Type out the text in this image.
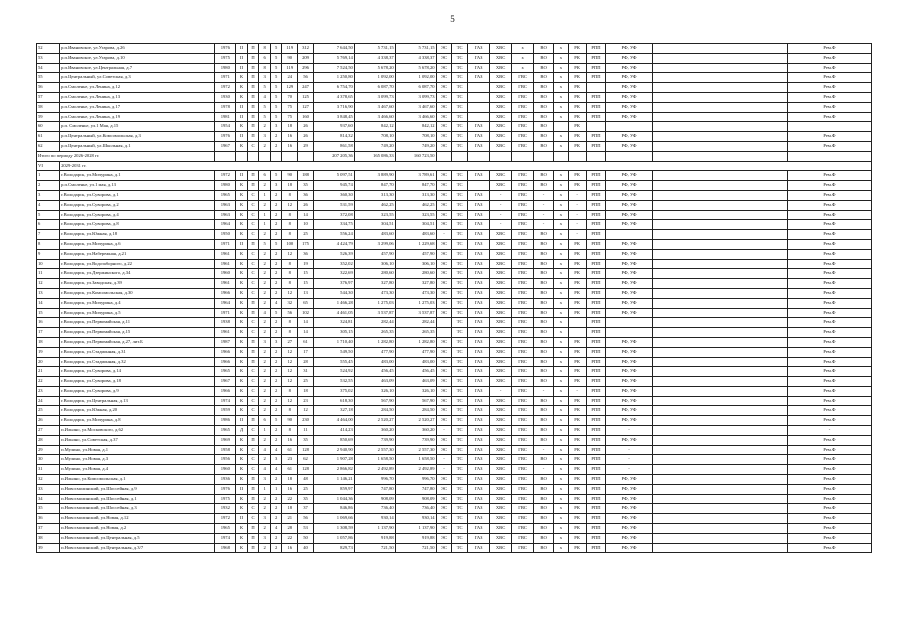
5
52	р.п.Ивановское, ул.Угарова, д.26	1976	II	П	8	5	119	312	7 644,50	5 731,15	5 731,15	ЭС	ТС	ГАЗ	ХВС	x	ВО	x	РК	РПП	РФ, УФ		Рем.Ф
53	р.п.Ивановское, ул.Угарова, д.10	1975	II	П	6	5	90	209	5 769,14	4 338,37	4 338,37	ЭС	ТС	ГАЗ	ХВС	x	ВО	x	РК	РПП	РФ, УФ		Рем.Ф
54	р.п.Ивановское, ул.Центральная, д.7	1980	II	П	8	5	119	296	7 524,50	5 678,20	5 678,20	ЭС	ТС	ГАЗ	ХВС	x	ВО	x	РК	РПП	РФ, УФ		Рем.Ф
55	р.п.Центральный, ул.Советская, д.3	1971	К	П	3	5	24	56	1 250,80	1 092,00	1 092,00	ЭС	ТС	ГАЗ	ХВС	ГВС	ВО	x	РК	РПП	РФ, УФ		Рем.Ф
56	р.п.Смоленье, ул.Ленина, д.12	1972	К	П	5	5	129	247	6 754,70	6 087,70	6 087,70	ЭС	ТС		ХВС	ГВС	ВО	x	РК		РФ, УФ		Рем.Ф
57	р.п.Смоленье, ул.Ленина, д.13	1930	К	П	4	5	70	125	4 378,65	3 099,73	3 099,73	ЭС	ТС		ХВС	ГВС	ВО	x	РК	РПП	РФ, УФ		Рем.Ф
58	р.п.Смоленье, ул.Ленина, д.17	1978	II	П	5	5	75	127	3 716,90	3 467,60	3 467,60	ЭС	ТС		ХВС	ГВС	ВО	x	РК	РПП	РФ, УФ		Рем.Ф
59	р.п.Смоленье, ул.Ленина, д.19	1981	II	П	5	5	75	160	3 848,45	3 466,60	3 466,60	ЭС	ТС		ХВС	ГВС	ВО	x	РК	РПП	РФ, УФ		Рем.Ф
60	р.п. Смоленье, ул.1 Мая, д.15	1954	К	П	2	3	18	26	937,60	842,12	842,12	ЭС	ТС	ГАЗ	ХВС	ГВС	ВО		РК				
61	р.п.Центральный, ул.Комсомольская, д.3	1976	II	П	3	2	16	26	814,32	708,10	708,10	ЭС	ТС	ГАЗ	ХВС	ГВС	ВО	x	РК	РПП	РФ, УФ		Рем.Ф
62	р.п.Центральный, ул.Школьная, д.1	1967	К	С	2	2	16	29	861,58	749,20	749,20	ЭС	ТС	ГАЗ	ХВС	ГВС	ВО	x	РК	РПП	РФ, УФ		Рем.Ф
Итого по периоду 2026-2028 гг.									207 205,36	165 086,33	160 723,50												
VI	2029-2031 гг.																						
1	г.Володарск, ул.Мичурина, д.1	1972	II	П	6	5	90	188	5 097,51	3 889,90	3 789,61	ЭС	ТС	ГАЗ	ХВС	ГВС	ВО	x	РК	РПП	РФ, УФ		Рем.Ф
2	р.п.Смоленье, ул.1 мая, д.13	1980	К	П	2	3	18	35	945,74	847,70	847,70	ЭС	ТС		ХВС	ГВС	ВО	x	РК	РПП	РФ, УФ		Рем.Ф
3	г.Володарск, ул.Суворова, д.1	1965	К	С	1	2	8	36	360,30	313,30	313,30	ЭС	ТС	ГАЗ	-	ГВС	-	x	-	РПП	РФ, УФ		Рем.Ф
4	г.Володарск, ул.Суворова, д.2	1963	К	С	2	2	12	26	531,59	462,25	462,25	ЭС	ТС	ГАЗ	-	ГВС	-	x	-	РПП	РФ, УФ		Рем.Ф
5	г.Володарск, ул.Суворова, д.4	1963	К	С	1	2	8	14	372,08	323,55	323,55	ЭС	ТС	ГАЗ	-	ГВС	-	x	-	РПП	РФ, УФ		Рем.Ф
6	г.Володарск, ул.Суворова, д.8	1964	К	С	1	2	8	10	334,75	304,51	304,51	ЭС	ТС	ГАЗ	-	ГВС	-	x	-	РПП	РФ, УФ		Рем.Ф
7	г.Володарск, ул.Южная, д.18	1950	К	С	2	2	8	25	556,24	483,60	483,60	-	ТС	ГАЗ	ХВС	ГВС	ВО	x	-	РПП			Рем.Ф
8	г.Володарск, ул.Мичурина, д.6	1971	II	П	5	5	100	175	4 424,79	3 299,06	1 229,68	ЭС	ТС	ГАЗ	ХВС	ГВС	ВО	x	РК	РПП	РФ, УФ		Рем.Ф
9	г.Володарск, ул.Набережная, д.21	1961	К	С	2	2	12	36	526,39	457,90	457,90	ЭС	ТС	ГАЗ	ХВС	ГВС	ВО	x	РК	РПП	РФ, УФ		Рем.Ф
10	г.Володарск, ул.Водозаборного, д.22	1961	К	С	2	2	8	19	352,02	306,10	306,10	ЭС	ТС	ГАЗ	ХВС	ГВС	ВО	x	РК	РПП	РФ, УФ		Рем.Ф
11	г.Володарск, ул.Дзержинского, д.34	1960	К	С	2	2	8	15	322,69	280,60	280,60	ЭС	ТС	ГАЗ	ХВС	ГВС	ВО	x	РК	РПП	РФ, УФ		Рем.Ф
12	г.Володарск, ул.Заводская, д.39	1961	К	С	2	2	8	15	376,97	327,80	327,80	ЭС	ТС	ГАЗ	ХВС	ГВС	ВО	x	РК	РПП	РФ, УФ		Рем.Ф
13	г.Володарск, ул.Комсомольская, д.30	1966	К	С	2	2	12	13	544,30	473,30	473,30	ЭС	ТС	ГАЗ	ХВС	ГВС	ВО	x	РК	РПП	РФ, УФ		Рем.Ф
14	г.Володарск, ул.Мичурина, д.4	1964	К	П	2	4	32	65	1 466,28	1 275,03	1 275,03	ЭС	ТС	ГАЗ	ХВС	ГВС	ВО	x	РК	РПП	РФ, УФ		Рем.Ф
15	г.Володарск, ул.Мичурина, д.5	1971	К	П	4	5	56	102	4 461,05	3 537,87	3 537,87	ЭС	ТС	ГАЗ	ХВС	ГВС	ВО	x	РК	РПП	РФ, УФ		Рем.Ф
16	г.Володарск, ул.Первомайская, д.11	1938	К	С	2	2	8	14	324,81	282,44	282,44		ТС	ГАЗ	ХВС	ГВС	ВО	x		РПП			Рем.Ф
17	г.Володарск, ул.Первомайская, д.15	1961	К	С	2	2	8	14	305,15	265,35	265,35		ТС	ГАЗ	ХВС	ГВС	ВО	x		РПП			Рем.Ф
18	г.Володарск, ул.Первомайская, д.27, лит.Б	1987	К	П	3	3	27	61	1 710,40	1 282,80	1 282,80	ЭС	ТС	ГАЗ	ХВС	ГВС	ВО	x	РК	РПП	РФ, УФ		Рем.Ф
19	г.Володарск, ул.Стадионная, д.31	1966	К	П	2	2	12	17	549,50	477,90	477,90	ЭС	ТС	ГАЗ	ХВС	ГВС	ВО	x	РК	РПП	РФ, УФ		Рем.Ф
20	г.Володарск, ул.Стадионная, д.32	1966	К	П	2	2	12	28	555,45	483,00	483,00	ЭС	ТС	ГАЗ	ХВС	ГВС	ВО	x	РК	РПП	РФ, УФ		Рем.Ф
21	г.Володарск, ул.Суворова, д.14	1965	К	С	2	2	12	31	524,92	456,45	456,45	ЭС	ТС	ГАЗ	ХВС	ГВС	ВО	x	РК	РПП	РФ, УФ		Рем.Ф
22	г.Володарск, ул.Суворова, д.18	1967	К	С	2	2	12	25	532,55	463,09	463,09	ЭС	ТС	ГАЗ	ХВС	ГВС	ВО	x	РК	РПП	РФ, УФ		Рем.Ф
23	г.Володарск, ул.Суворова, д.9	1966	К	С	2	2	8	18	375,02	326,10	326,10	ЭС	ТС	ГАЗ	-	ГВС	-	x	-	РПП	РФ, УФ		Рем.Ф
24	г.Володарск, ул.Центральная, д.13	1974	К	С	2	2	12	23	618,30	567,90	567,90	ЭС	ТС	ГАЗ	ХВС	ГВС	ВО	x	РК	РПП	РФ, УФ		Рем.Ф
25	г.Володарск, ул.Южная, д.20	1959	К	С	2	2	8	12	327,18	284,50	284,50	ЭС	ТС	ГАЗ	ХВС	ГВС	ВО	x	РК	РПП	РФ, УФ		Рем.Ф
26	г.Володарск, ул.Мичурина, д.8	1986	II	П	6	5	90	230	4 464,00	2 520,27	2 520,27	ЭС	ТС	ГАЗ	ХВС	ГВС	ВО	x	РК	РПП	РФ, УФ		Рем.Ф
27	п.Ильино, ул.Московского, д.62	1965	Д	С	1	2	8	11	414,23	360,20	360,20	-	ТС	ГАЗ	ХВС	ГВС	ВО	x	РК	РПП	-		-
28	п.Ильино, ул.Советская, д.37	1969	К	П	2	2	16	35	850,69	739,90	739,90	ЭС	ТС	ГАЗ	ХВС	ГВС	ВО	x	РК	РПП	РФ, УФ		Рем.Ф
29	п.Мулино, ул.Новая, д.1	1958	К	С	4	4	61	128	2 940,90	2 557,30	2 557,30	ЭС	ТС	ГАЗ	ХВС	ГВС	-	x	РК	РПП	-		Рем.Ф
30	п.Мулино, ул.Новая, д.3	1956	К	С	2	3	23	62	1 907,28	1 658,50	1 658,50	-	ТС	ГАЗ	ХВС	ГВС	ВО	x	РК	РПП	-		Рем.Ф
31	п.Мулино, ул.Новая, д.4	1960	К	С	4	4	61	128	2 866,82	2 492,89	2 492,89	-	ТС	ГАЗ	ХВС	ГВС	-	x	РК	РПП	-		Рем.Ф
32	п.Ильино, ул.Комсомольская, д.1	1936	К	П	3	2	18	48	1 146,21	996,70	996,70	ЭС	ТС	ГАЗ	ХВС	ГВС	ВО	x	РК	РПП	РФ, УФ		Рем.Ф
33	п.Новосмолинский, ул.Шоссейная, д.9	1976	II	П	1	1	16	25	859,97	747,80	747,80	ЭС	ТС	ГАЗ	ХВС	ГВС	ВО	x	РК	РПП	РФ, УФ		Рем.Ф
34	п.Новосмолинский, ул.Шоссейная, д.1	1975	К	П	2	2	22	35	1 044,36	908,09	908,09	ЭС	ТС	ГАЗ	ХВС	ГВС	ВО	x	РК	РПП	РФ, УФ		Рем.Ф
35	п.Новосмолинский, ул.Шоссейная, д.3	1932	К	С	2	2	18	37	846,86	736,40	736,40	ЭС	ТС	ГАЗ	ХВС	ГВС	ВО	x	РК	РПП	РФ, УФ		Рем.Ф
36	п.Новосмолинский, ул.Новая, д.12	1972	II	С	3	2	21	56	1 069,66	930,14	930,14	ЭС	ТС	ГАЗ	ХВС	ГВС	ВО	x	РК	РПП	РФ, УФ		Рем.Ф
37	п.Новосмолинский, ул.Новая, д.2	1965	К	П	2	4	28	53	1 308,59	1 137,90	1 137,90	ЭС	ТС	ГАЗ	ХВС	ГВС	ВО	x	РК	РПП	РФ, УФ		Рем.Ф
38	п.Новосмолинский, ул.Центральная, д.5	1974	К	П	3	2	22	50	1 057,86	919,88	919,88	ЭС	ТС	ГАЗ	ХВС	ГВС	ВО	x	РК	РПП	РФ, УФ		Рем.Ф
39	п.Новосмолинский, ул.Центральная, д.3/7	1968	К	П	2	2	16	40	829,73	721,50	721,50	ЭС	ТС	ГАЗ	ХВС	ГВС	ВО	x	РК	РПП	РФ, УФ		Рем.Ф
